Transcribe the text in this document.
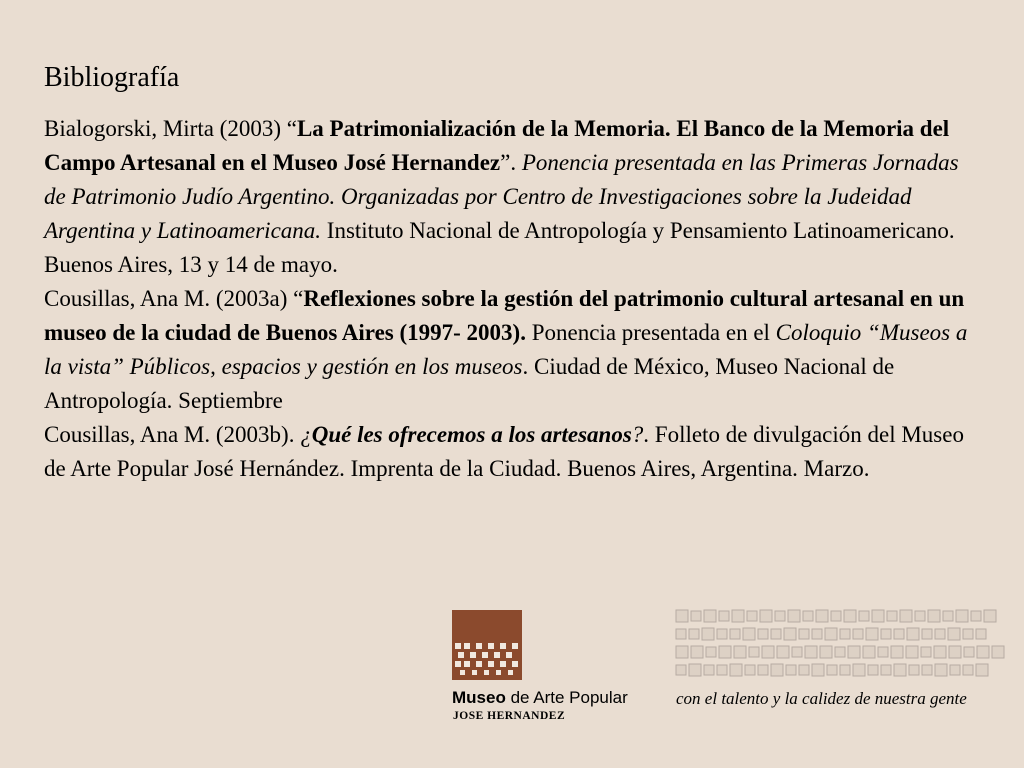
Bibliografía

Bialogorski, Mirta (2003) “La Patrimonialización de la Memoria. El Banco de la Memoria del Campo Artesanal en el Museo José Hernandez”. Ponencia presentada en las Primeras Jornadas de Patrimonio Judío Argentino. Organizadas por Centro de Investigaciones sobre la Judeidad Argentina y Latinoamericana. Instituto Nacional de Antropología y Pensamiento Latinoamericano. Buenos Aires, 13 y 14 de mayo.

Cousillas, Ana M. (2003a) “Reflexiones sobre la gestión del patrimonio cultural artesanal en un museo de la ciudad de Buenos Aires (1997- 2003). Ponencia presentada en el Coloquio “Museos a la vista” Públicos, espacios y gestión en los museos. Ciudad de México, Museo Nacional de Antropología. Septiembre

Cousillas, Ana M. (2003b). ¿Qué les ofrecemos a los artesanos?. Folleto de divulgación del Museo de Arte Popular José Hernández. Imprenta de la Ciudad. Buenos Aires, Argentina. Marzo.

Museo de Arte Popular
JOSE HERNANDEZ
con el talento y la calidez de nuestra gente
